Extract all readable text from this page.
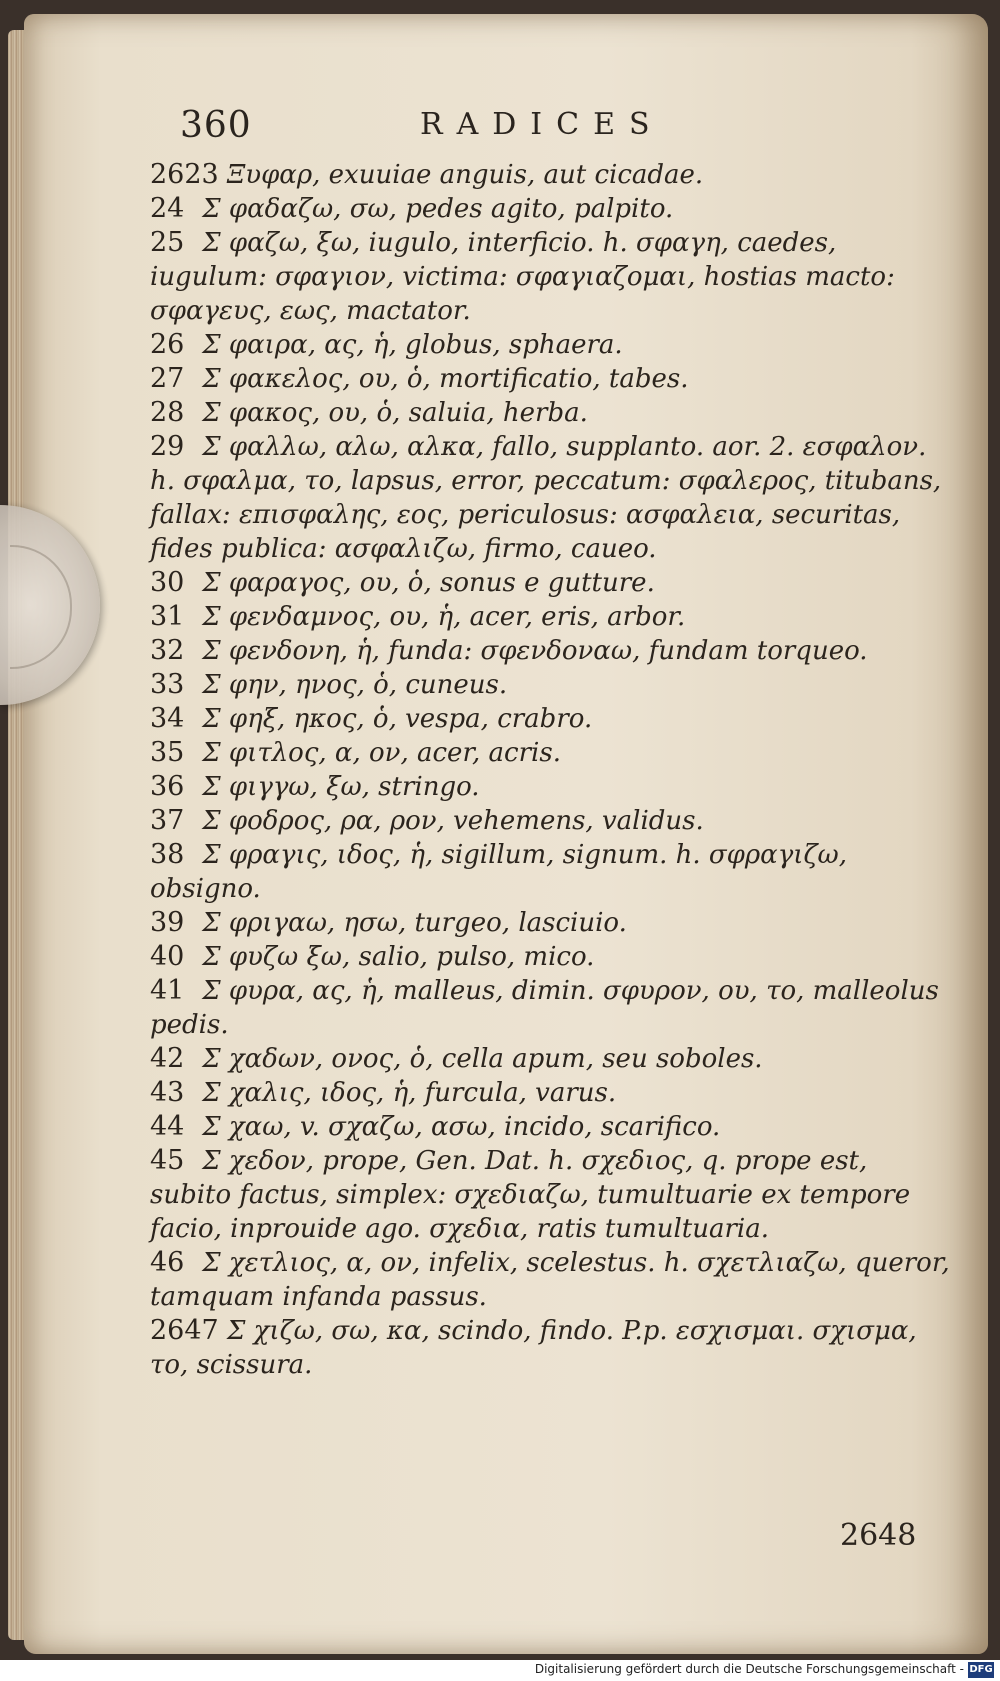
360	RADICES

2623 Ξυφαρ, exuuiae anguis, aut cicadae.

24 Σ φαδαζω, σω, pedes agito, palpito.

25 Σ φαζω, ξω, iugulo, interficio. h. σφαγη, caedes, iugulum: σφαγιον, victima: σφαγιαζομαι, hostias macto: σφαγευς, εως, mactator.

26 Σ φαιρα, ας, ἡ, globus, sphaera.

27 Σ φακελος, ου, ὁ, mortificatio, tabes.

28 Σ φακος, ου, ὁ, saluia, herba.

29 Σ φαλλω, αλω, αλκα, fallo, supplanto. aor. 2. εσφαλον. h. σφαλμα, το, lapsus, error, peccatum: σφαλερος, titubans, fallax: επισφαλης, εος, periculosus: ασφαλεια, securitas, fides publica: ασφαλιζω, firmo, caueo.

30 Σ φαραγος, ου, ὁ, sonus e gutture.

31 Σ φενδαμνος, ου, ἡ, acer, eris, arbor.

32 Σ φενδονη, ἡ, funda: σφενδοναω, fundam torqueo.

33 Σ φην, ηνος, ὁ, cuneus.

34 Σ φηξ, ηκος, ὁ, vespa, crabro.

35 Σ φιτλος, α, ον, acer, acris.

36 Σ φιγγω, ξω, stringo.

37 Σ φοδρος, ρα, ρον, vehemens, validus.

38 Σ φραγις, ιδος, ἡ, sigillum, signum. h. σφραγιζω, obsigno.

39 Σ φριγαω, ησω, turgeo, lasciuio.

40 Σ φυζω ξω, salio, pulso, mico.

41 Σ φυρα, ας, ἡ, malleus, dimin. σφυρον, ου, το, malleolus pedis.

42 Σ χαδων, ονος, ὁ, cella apum, seu soboles.

43 Σ χαλις, ιδος, ἡ, furcula, varus.

44 Σ χαω, v. σχαζω, ασω, incido, scarifico.

45 Σ χεδον, prope, Gen. Dat. h. σχεδιος, q. prope est, subito factus, simplex: σχεδιαζω, tumultuarie ex tempore facio, inprouide ago. σχεδια, ratis tumultuaria.

46 Σ χετλιος, α, ον, infelix, scelestus. h. σχετλιαζω, queror, tamquam infanda passus.

2647 Σ χιζω, σω, κα, scindo, findo. P.p. εσχισμαι. σχισμα, το, scissura.

2648
Digitalisierung gefördert durch die Deutsche Forschungsgemeinschaft - DFG
